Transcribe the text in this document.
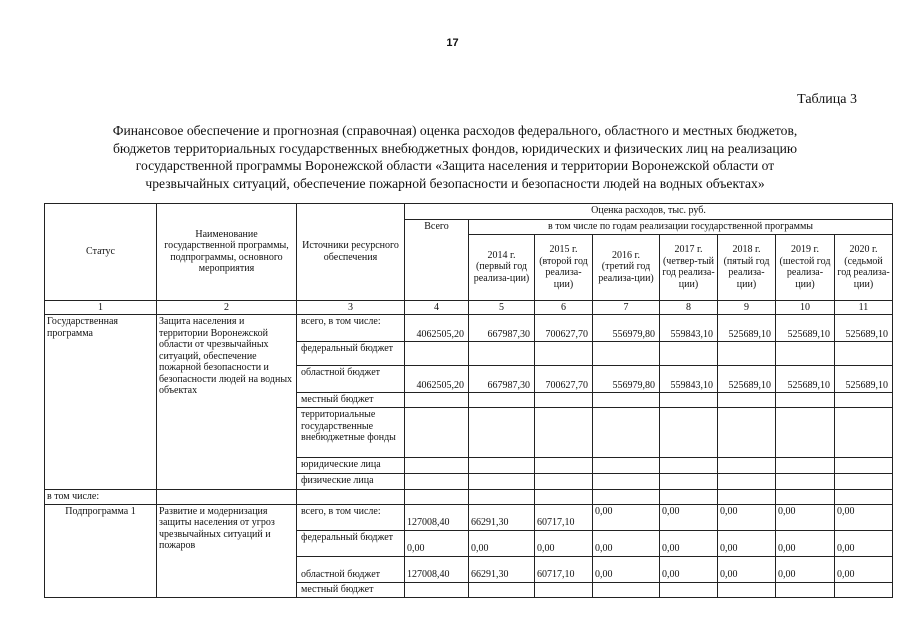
17
Таблица 3
Финансовое обеспечение и прогнозная (справочная) оценка расходов федерального, областного и местных бюджетов,
бюджетов территориальных государственных внебюджетных фондов, юридических и физических лиц на реализацию
государственной программы Воронежской области «Защита населения и территории Воронежской области от
чрезвычайных ситуаций, обеспечение пожарной безопасности и безопасности людей на водных объектах»
Статус	Наименование государственной программы, подпрограммы, основного мероприятия	Источники ресурсного обеспечения	Оценка расходов, тыс. руб.							
			Всего	в том числе по годам реализации государственной программы						
				2014 г. (первый год реализа-ции)	2015 г. (второй год реализа-ции)	2016 г. (третий год реализа-ции)	2017 г. (четвер-тый год реализа-ции)	2018 г. (пятый год реализа-ции)	2019 г. (шестой год реализа-ции)	2020 г. (седьмой год реализа-ции)
1	2	3	4	5	6	7	8	9	10	11
Государственная программа	Защита населения и территории Воронежской области от чрезвычайных ситуаций, обеспечение пожарной безопасности и безопасности людей на водных объектах	всего, в том числе:	4062505,20	667987,30	700627,70	556979,80	559843,10	525689,10	525689,10	525689,10
		федеральный бюджет								
		областной бюджет	4062505,20	667987,30	700627,70	556979,80	559843,10	525689,10	525689,10	525689,10
		местный бюджет								
		территориальные государственные внебюджетные фонды								
		юридические лица								
		физические лица								
в том числе:										
Подпрограмма 1	Развитие и модернизация защиты населения от угроз чрезвычайных ситуаций и пожаров	всего, в том числе:	127008,40	66291,30	60717,10	0,00	0,00	0,00	0,00	0,00
		федеральный бюджет	0,00	0,00	0,00	0,00	0,00	0,00	0,00	0,00
		областной бюджет	127008,40	66291,30	60717,10	0,00	0,00	0,00	0,00	0,00
		местный бюджет								
